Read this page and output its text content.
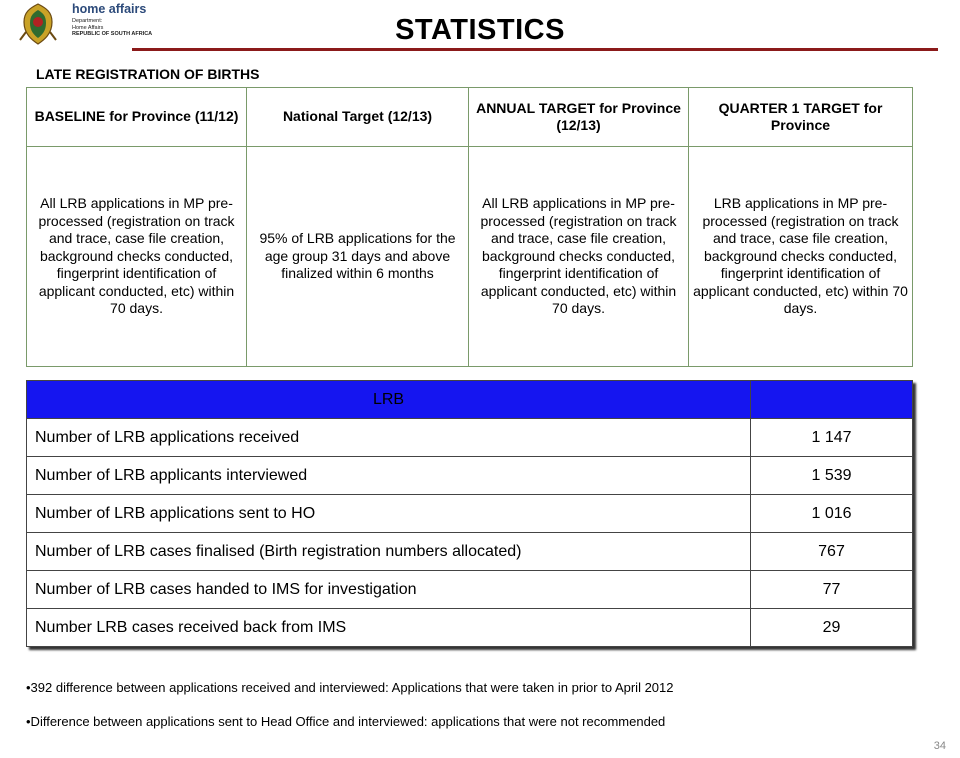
home affairs
Department:
Home Affairs
REPUBLIC OF SOUTH AFRICA	STATISTICS
LATE REGISTRATION OF BIRTHS
BASELINE for Province (11/12)	National Target (12/13)	ANNUAL TARGET for Province (12/13)	QUARTER 1 TARGET for Province
All LRB applications in MP pre-processed (registration on track and trace, case file creation, background checks conducted, fingerprint identification of applicant conducted, etc) within 70 days.	95% of LRB applications for the age group 31 days and above finalized within 6 months	All LRB applications in MP pre-processed (registration on track and trace, case file creation, background checks conducted, fingerprint identification of applicant conducted, etc) within 70 days.	LRB applications in MP pre-processed (registration on track and trace, case file creation, background checks conducted, fingerprint identification of applicant conducted, etc) within 70 days.
LRB	
Number of LRB applications received	1 147
Number of LRB applicants interviewed	1 539
Number of LRB applications sent to HO	1 016
Number of LRB cases finalised (Birth registration numbers allocated)	767
Number of LRB cases handed to IMS for investigation	77
Number LRB cases received back from IMS	29
•392 difference between applications received and interviewed: Applications that were taken in prior to April 2012
•Difference between applications sent to Head Office and interviewed: applications that were not recommended
34
